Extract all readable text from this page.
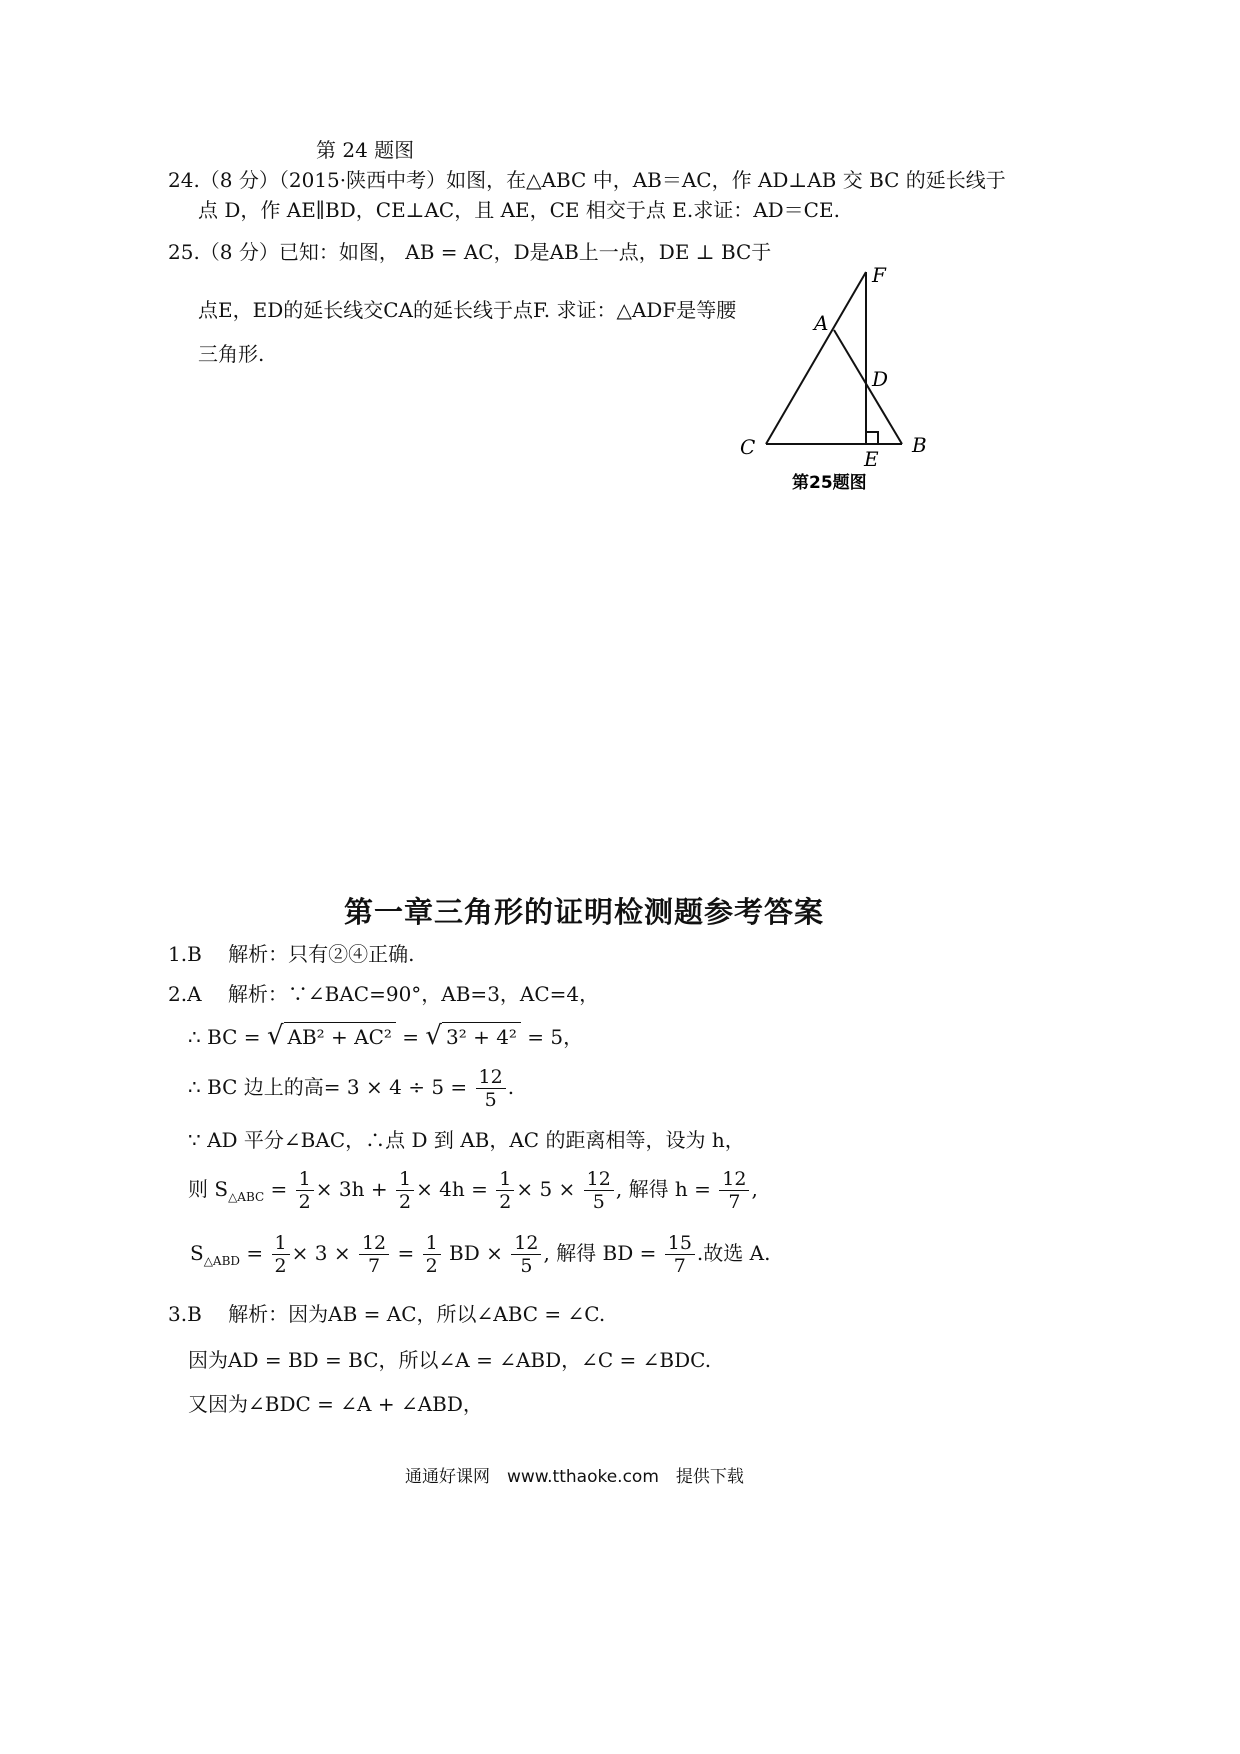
第 24 题图
24.（8 分）（2015·陕西中考）如图，在△ABC 中，AB＝AC，作 AD⊥AB 交 BC 的延长线于
点 D，作 AE∥BD，CE⊥AC，且 AE，CE 相交于点 E.求证：AD＝CE.
25.（8 分）已知：如图， AB = AC，D是AB上一点，DE ⊥ BC于
点E，ED的延长线交CA的延长线于点F. 求证：△ADF是等腰
三角形.
F
A
D
C	B
E
第25题图
第一章三角形的证明检测题参考答案
1.B　 解析：只有②④正确.
2.A　 解析：∵∠BAC=90°，AB=3，AC=4，
∴ BC = √ AB² + AC² = √ 3² + 4² = 5，
∴ BC 边上的高= $3 \times 4 \div 5 = \frac{12}{5}$ .
∵ AD 平分∠BAC，∴点 D 到 AB，AC 的距离相等，设为 h，
则 $S_{\triangle ABC} = \frac{1}{2} \times 3h + \frac{1}{2} \times 4h = \frac{1}{2} \times 5 \times \frac{12}{5}$ , 解得 $h = \frac{12}{7}$ ,
$S_{\triangle ABD} = \frac{1}{2} \times 3 \times \frac{12}{7} = \frac{1}{2}$ BD × $\frac{12}{5}$ , 解得 BD = $\frac{15}{7}$ .故选 A.
3.B　 解析：因为AB = AC，所以∠ABC = ∠C.
因为AD = BD = BC，所以∠A = ∠ABD，∠C = ∠BDC.
又因为∠BDC = ∠A + ∠ABD，
通通好课网　www.tthaoke.com　提供下载
